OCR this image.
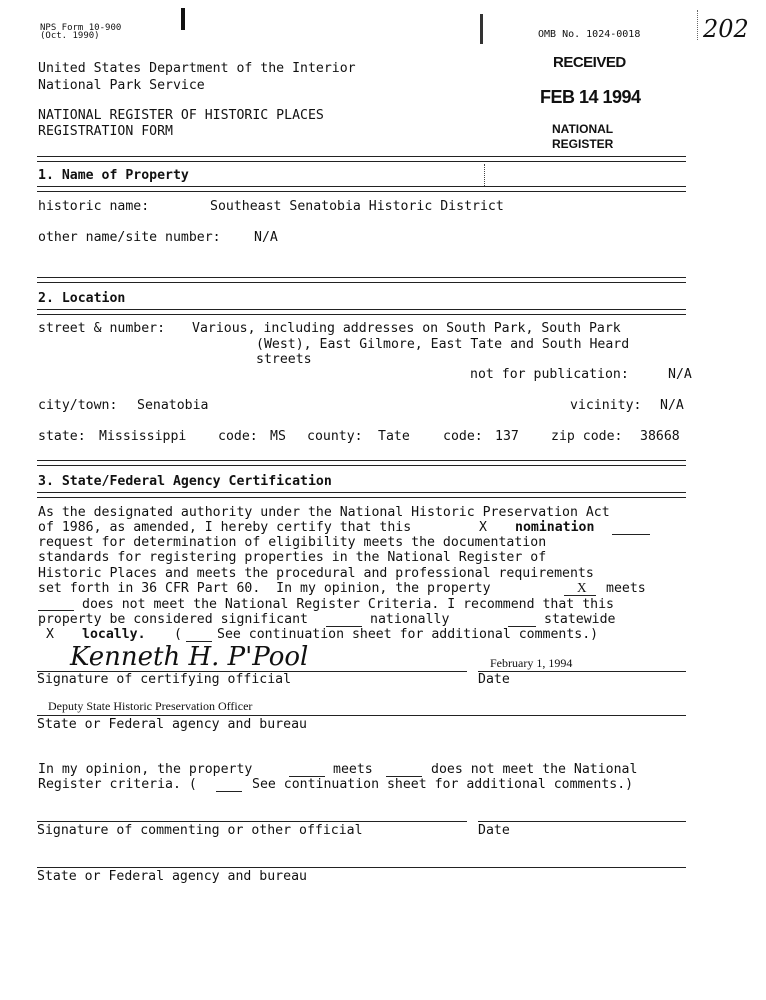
NPS Form 10-900
(Oct. 1990)	OMB No. 1024-0018	202
RECEIVED
FEB 14 1994
NATIONAL
REGISTER
United States Department of the Interior
National Park Service
NATIONAL REGISTER OF HISTORIC PLACES
REGISTRATION FORM
1. Name of Property
historic name:	Southeast Senatobia Historic District
other name/site number:	N/A
2. Location
street & number: Various, including addresses on South Park, South Park
(West), East Gilmore, East Tate and South Heard
streets
not for publication:	N/A
city/town: Senatobia	vicinity: N/A
state: Mississippi code: MS county: Tate	code: 137 zip code: 38668
3. State/Federal Agency Certification
As the designated authority under the National Historic Preservation Act
of 1986, as amended, I hereby certify that this	X nomination
request for determination of eligibility meets the documentation
standards for registering properties in the National Register of
Historic Places and meets the procedural and professional requirements
set forth in 36 CFR Part 60.  In my opinion, the property	X meets
does not meet the National Register Criteria. I recommend that this
property be considered significant	nationally	statewide
X locally. (	See continuation sheet for additional comments.)
Kenneth H. P'Pool	February 1, 1994
Signature of certifying official	Date
Deputy State Historic Preservation Officer
State or Federal agency and bureau
In my opinion, the property	meets	does not meet the National
Register criteria. (	See continuation sheet for additional comments.)
Signature of commenting or other official	Date
State or Federal agency and bureau
